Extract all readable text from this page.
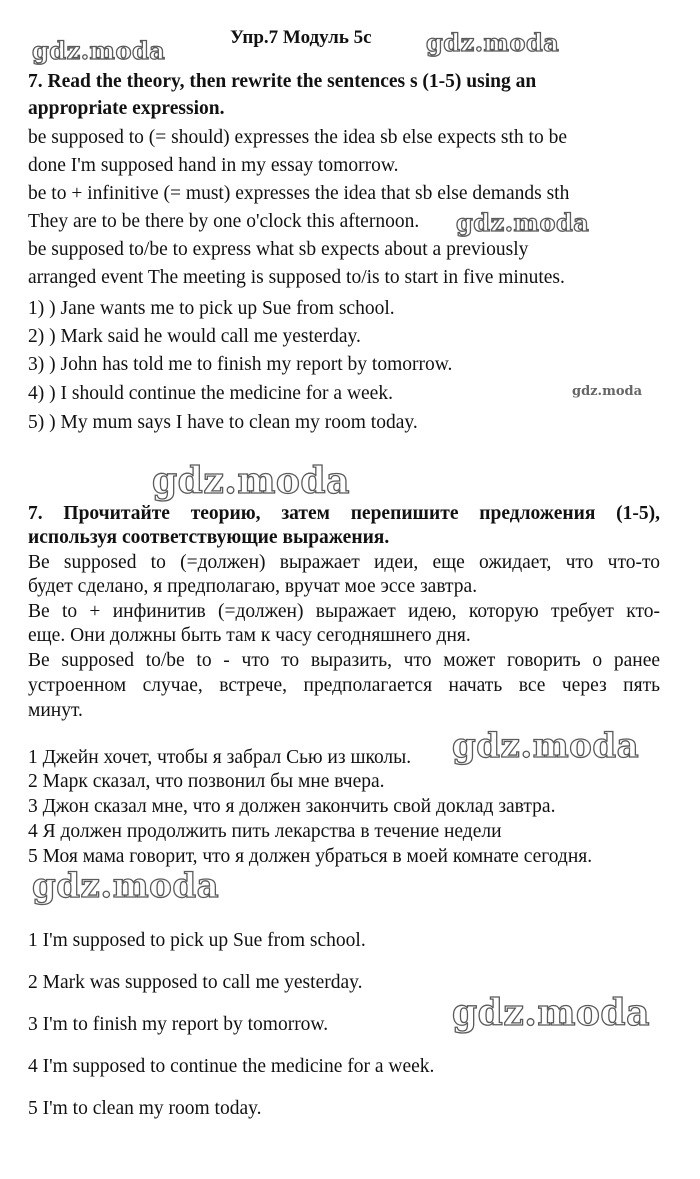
Упр.7 Модуль 5с
gdz.moda	gdz.moda
gdz.moda
gdz.moda
gdz.moda
gdz.moda
gdz.moda
gdz.moda
7. Read the theory, then rewrite the sentences s (1-5) using an
appropriate expression.
be supposed to (= should) expresses the idea sb else expects sth to be
done I'm supposed hand in my essay tomorrow.
be to + infinitive (= must) expresses the idea that sb else demands sth
They are to be there by one o'clock this afternoon.
be supposed to/be to express what sb expects about a previously
arranged event The meeting is supposed to/is to start in five minutes.
1) ) Jane wants me to pick up Sue from school.
2) ) Mark said he would call me yesterday.
3) ) John has told me to finish my report by tomorrow.
4) ) I should continue the medicine for a week.
5) ) My mum says I have to clean my room today.
7. Прочитайте теорию, затем перепишите предложения (1-5),
используя соответствующие выражения.
Be supposed to (=должен) выражает идеи, еще ожидает, что что-то
будет сделано, я предполагаю, вручат мое эссе завтра.
Be to + инфинитив (=должен) выражает идею, которую требует кто-
еще. Они должны быть там к часу сегодняшнего дня.
Be supposed to/be to - что то выразить, что может говорить о ранее
устроенном случае, встрече, предполагается начать все через пять
минут.
1 Джейн хочет, чтобы я забрал Сью из школы.
2 Марк сказал, что позвонил бы мне вчера.
3 Джон сказал мне, что я должен закончить свой доклад завтра.
4 Я должен продолжить пить лекарства в течение недели
5 Моя мама говорит, что я должен убраться в моей комнате сегодня.
1 I'm supposed to pick up Sue from school.
2 Mark was supposed to call me yesterday.
3 I'm to finish my report by tomorrow.
4 I'm supposed to continue the medicine for a week.
5 I'm to clean my room today.
